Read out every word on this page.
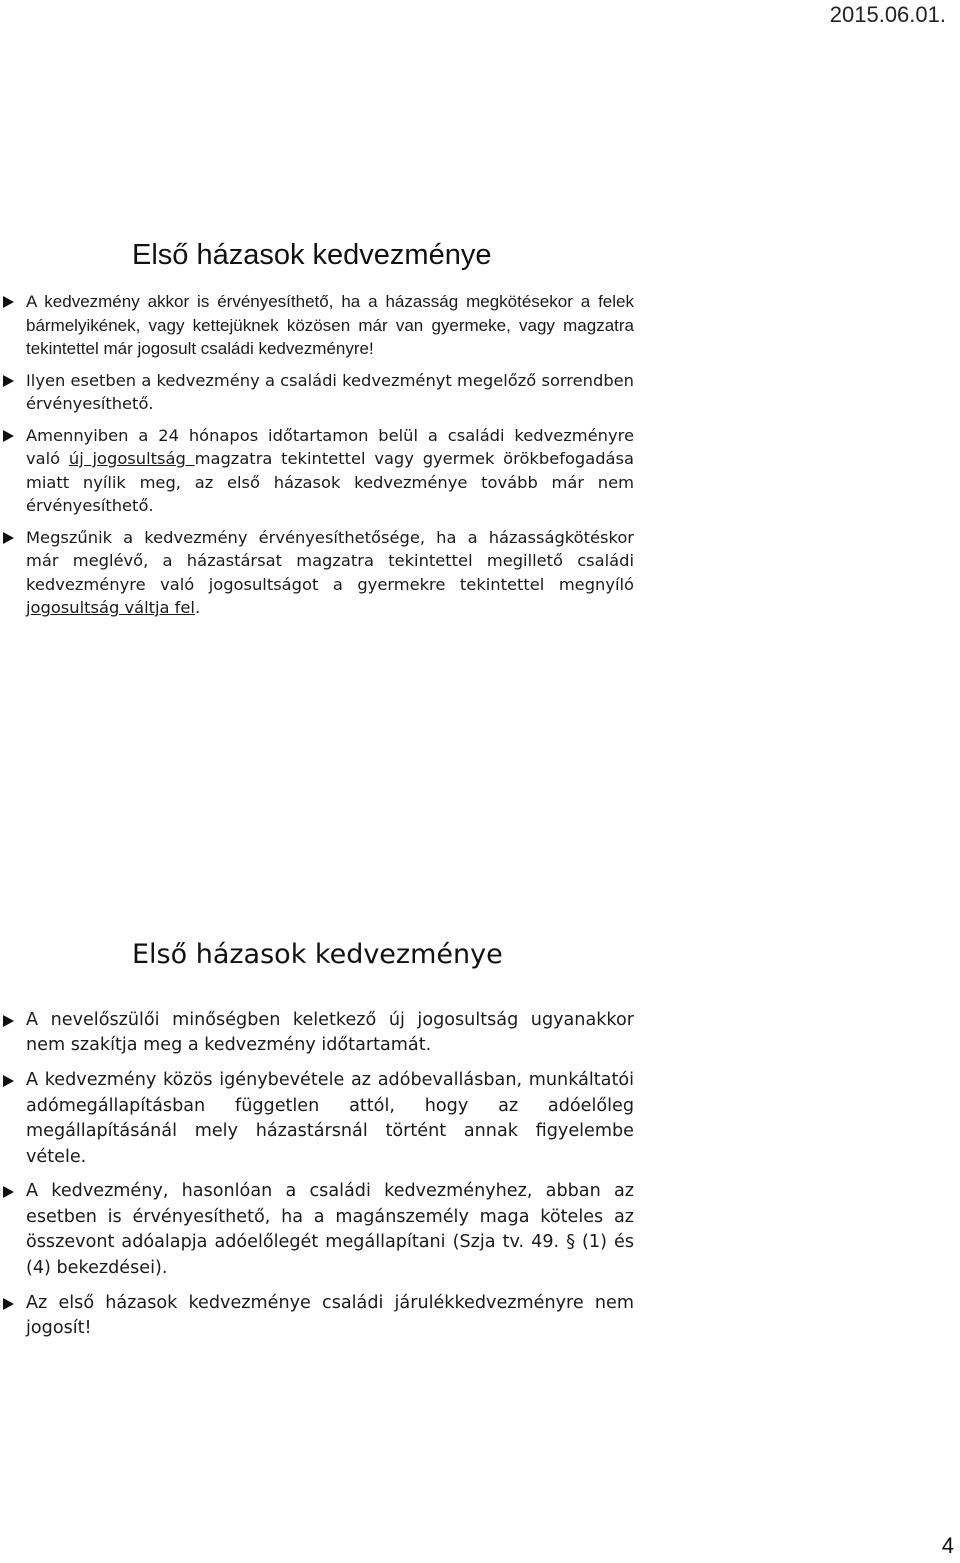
2015.06.01.
Első házasok kedvezménye
A kedvezmény akkor is érvényesíthető, ha a házasság megkötésekor a felek bármelyikének, vagy kettejüknek közösen már van gyermeke, vagy magzatra tekintettel már jogosult családi kedvezményre!
Ilyen esetben a kedvezmény a családi kedvezményt megelőző sorrendben érvényesíthető.
Amennyiben a 24 hónapos időtartamon belül a családi kedvezményre való új jogosultság magzatra tekintettel vagy gyermek örökbefogadása miatt nyílik meg, az első házasok kedvezménye tovább már nem érvényesíthető.
Megszűnik a kedvezmény érvényesíthetősége, ha a házasságkötéskor már meglévő, a házastársat magzatra tekintettel megillető családi kedvezményre való jogosultságot a gyermekre tekintettel megnyíló jogosultság váltja fel.
Első házasok kedvezménye
A nevelőszülői minőségben keletkező új jogosultság ugyanakkor nem szakítja meg a kedvezmény időtartamát.
A kedvezmény közös igénybevétele az adóbevallásban, munkáltatói adómegállapításban független attól, hogy az adóelőleg megállapításánál mely házastársnál történt annak figyelembe vétele.
A kedvezmény, hasonlóan a családi kedvezményhez, abban az esetben is érvényesíthető, ha a magánszemély maga köteles az összevont adóalapja adóelőlegét megállapítani (Szja tv. 49. § (1) és (4) bekezdései).
Az első házasok kedvezménye családi járulékkedvezményre nem jogosít!
4
